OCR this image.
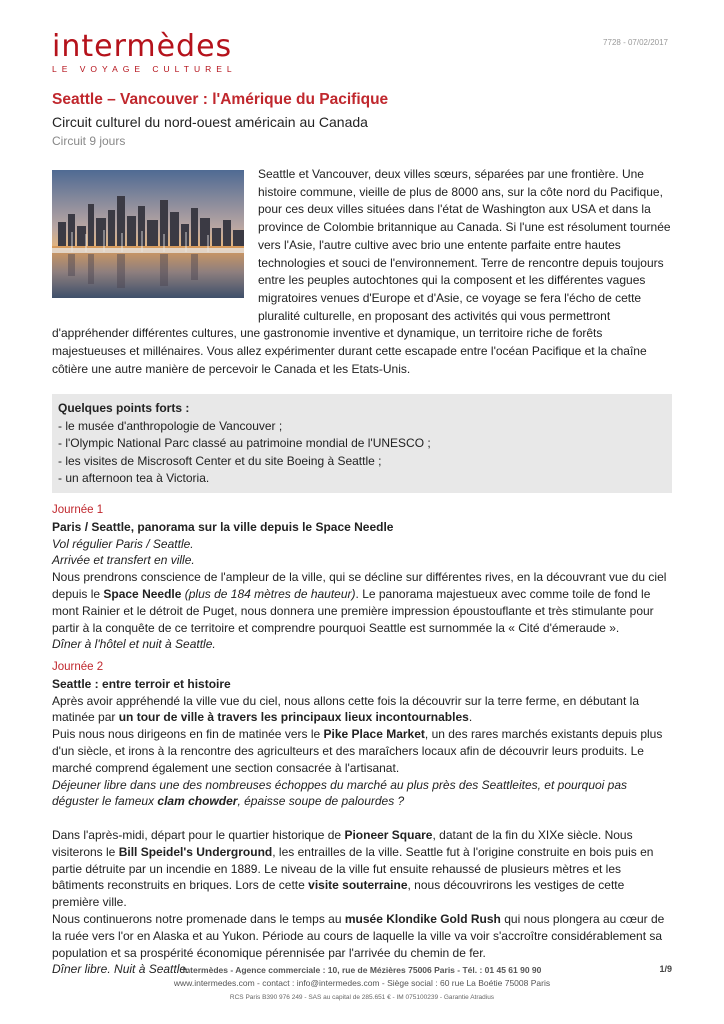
intermèdes
LE VOYAGE CULTUREL
7728 - 07/02/2017
Seattle – Vancouver : l'Amérique du Pacifique
Circuit culturel du nord-ouest américain au Canada
Circuit 9 jours

Seattle et Vancouver, deux villes sœurs, séparées par une frontière. Une histoire commune, vieille de plus de 8000 ans, sur la côte nord du Pacifique, pour ces deux villes situées dans l'état de Washington aux USA et dans la province de Colombie britannique au Canada. Si l'une est résolument tournée vers l'Asie, l'autre cultive avec brio une entente parfaite entre hautes technologies et souci de l'environnement. Terre de rencontre depuis toujours entre les peuples autochtones qui la composent et les différentes vagues migratoires venues d'Europe et d'Asie, ce voyage se fera l'écho de cette pluralité culturelle, en proposant des activités qui vous permettront d'appréhender différentes cultures, une gastronomie inventive et dynamique, un territoire riche de forêts majestueuses et millénaires. Vous allez expérimenter durant cette escapade entre l'océan Pacifique et la chaîne côtière une autre manière de percevoir le Canada et les Etats-Unis.

Quelques points forts :
- le musée d'anthropologie de Vancouver ;
- l'Olympic National Parc classé au patrimoine mondial de l'UNESCO ;
- les visites de Miscrosoft Center et du site Boeing à Seattle ;
- un afternoon tea à Victoria.

Journée 1

Paris / Seattle, panorama sur la ville depuis le Space Needle

Vol régulier Paris / Seattle.

Arrivée et transfert en ville.

Nous prendrons conscience de l'ampleur de la ville, qui se décline sur différentes rives, en la découvrant vue du ciel depuis le Space Needle (plus de 184 mètres de hauteur). Le panorama majestueux avec comme toile de fond le mont Rainier et le détroit de Puget, nous donnera une première impression époustouflante et très stimulante pour partir à la conquête de ce territoire et comprendre pourquoi Seattle est surnommée la « Cité d'émeraude ».

Dîner à l'hôtel et nuit à Seattle.

Journée 2

Seattle : entre terroir et histoire

Après avoir appréhendé la ville vue du ciel, nous allons cette fois la découvrir sur la terre ferme, en débutant la matinée par un tour de ville à travers les principaux lieux incontournables.

Puis nous nous dirigeons en fin de matinée vers le Pike Place Market, un des rares marchés existants depuis plus d'un siècle, et irons à la rencontre des agriculteurs et des maraîchers locaux afin de découvrir leurs produits. Le marché comprend également une section consacrée à l'artisanat.

Déjeuner libre dans une des nombreuses échoppes du marché au plus près des Seattleites, et pourquoi pas déguster le fameux clam chowder, épaisse soupe de palourdes ?

Dans l'après-midi, départ pour le quartier historique de Pioneer Square, datant de la fin du XIXe siècle. Nous visiterons le Bill Speidel's Underground, les entrailles de la ville. Seattle fut à l'origine construite en bois puis en partie détruite par un incendie en 1889. Le niveau de la ville fut ensuite rehaussé de plusieurs mètres et les bâtiments reconstruits en briques. Lors de cette visite souterraine, nous découvrirons les vestiges de cette première ville.

Nous continuerons notre promenade dans le temps au musée Klondike Gold Rush qui nous plongera au cœur de la ruée vers l'or en Alaska et au Yukon. Période au cours de laquelle la ville va voir s'accroître considérablement sa population et sa prospérité économique pérennisée par l'arrivée du chemin de fer.

Dîner libre. Nuit à Seattle.

Intermèdes - Agence commerciale : 10, rue de Mézières 75006 Paris - Tél. : 01 45 61 90 90
www.intermedes.com - contact : info@intermedes.com - Siège social : 60 rue La Boétie 75008 Paris
RCS Paris B390 976 249 - SAS au capital de 285.651 € - IM 075100239 - Garantie Atradius
1/9
